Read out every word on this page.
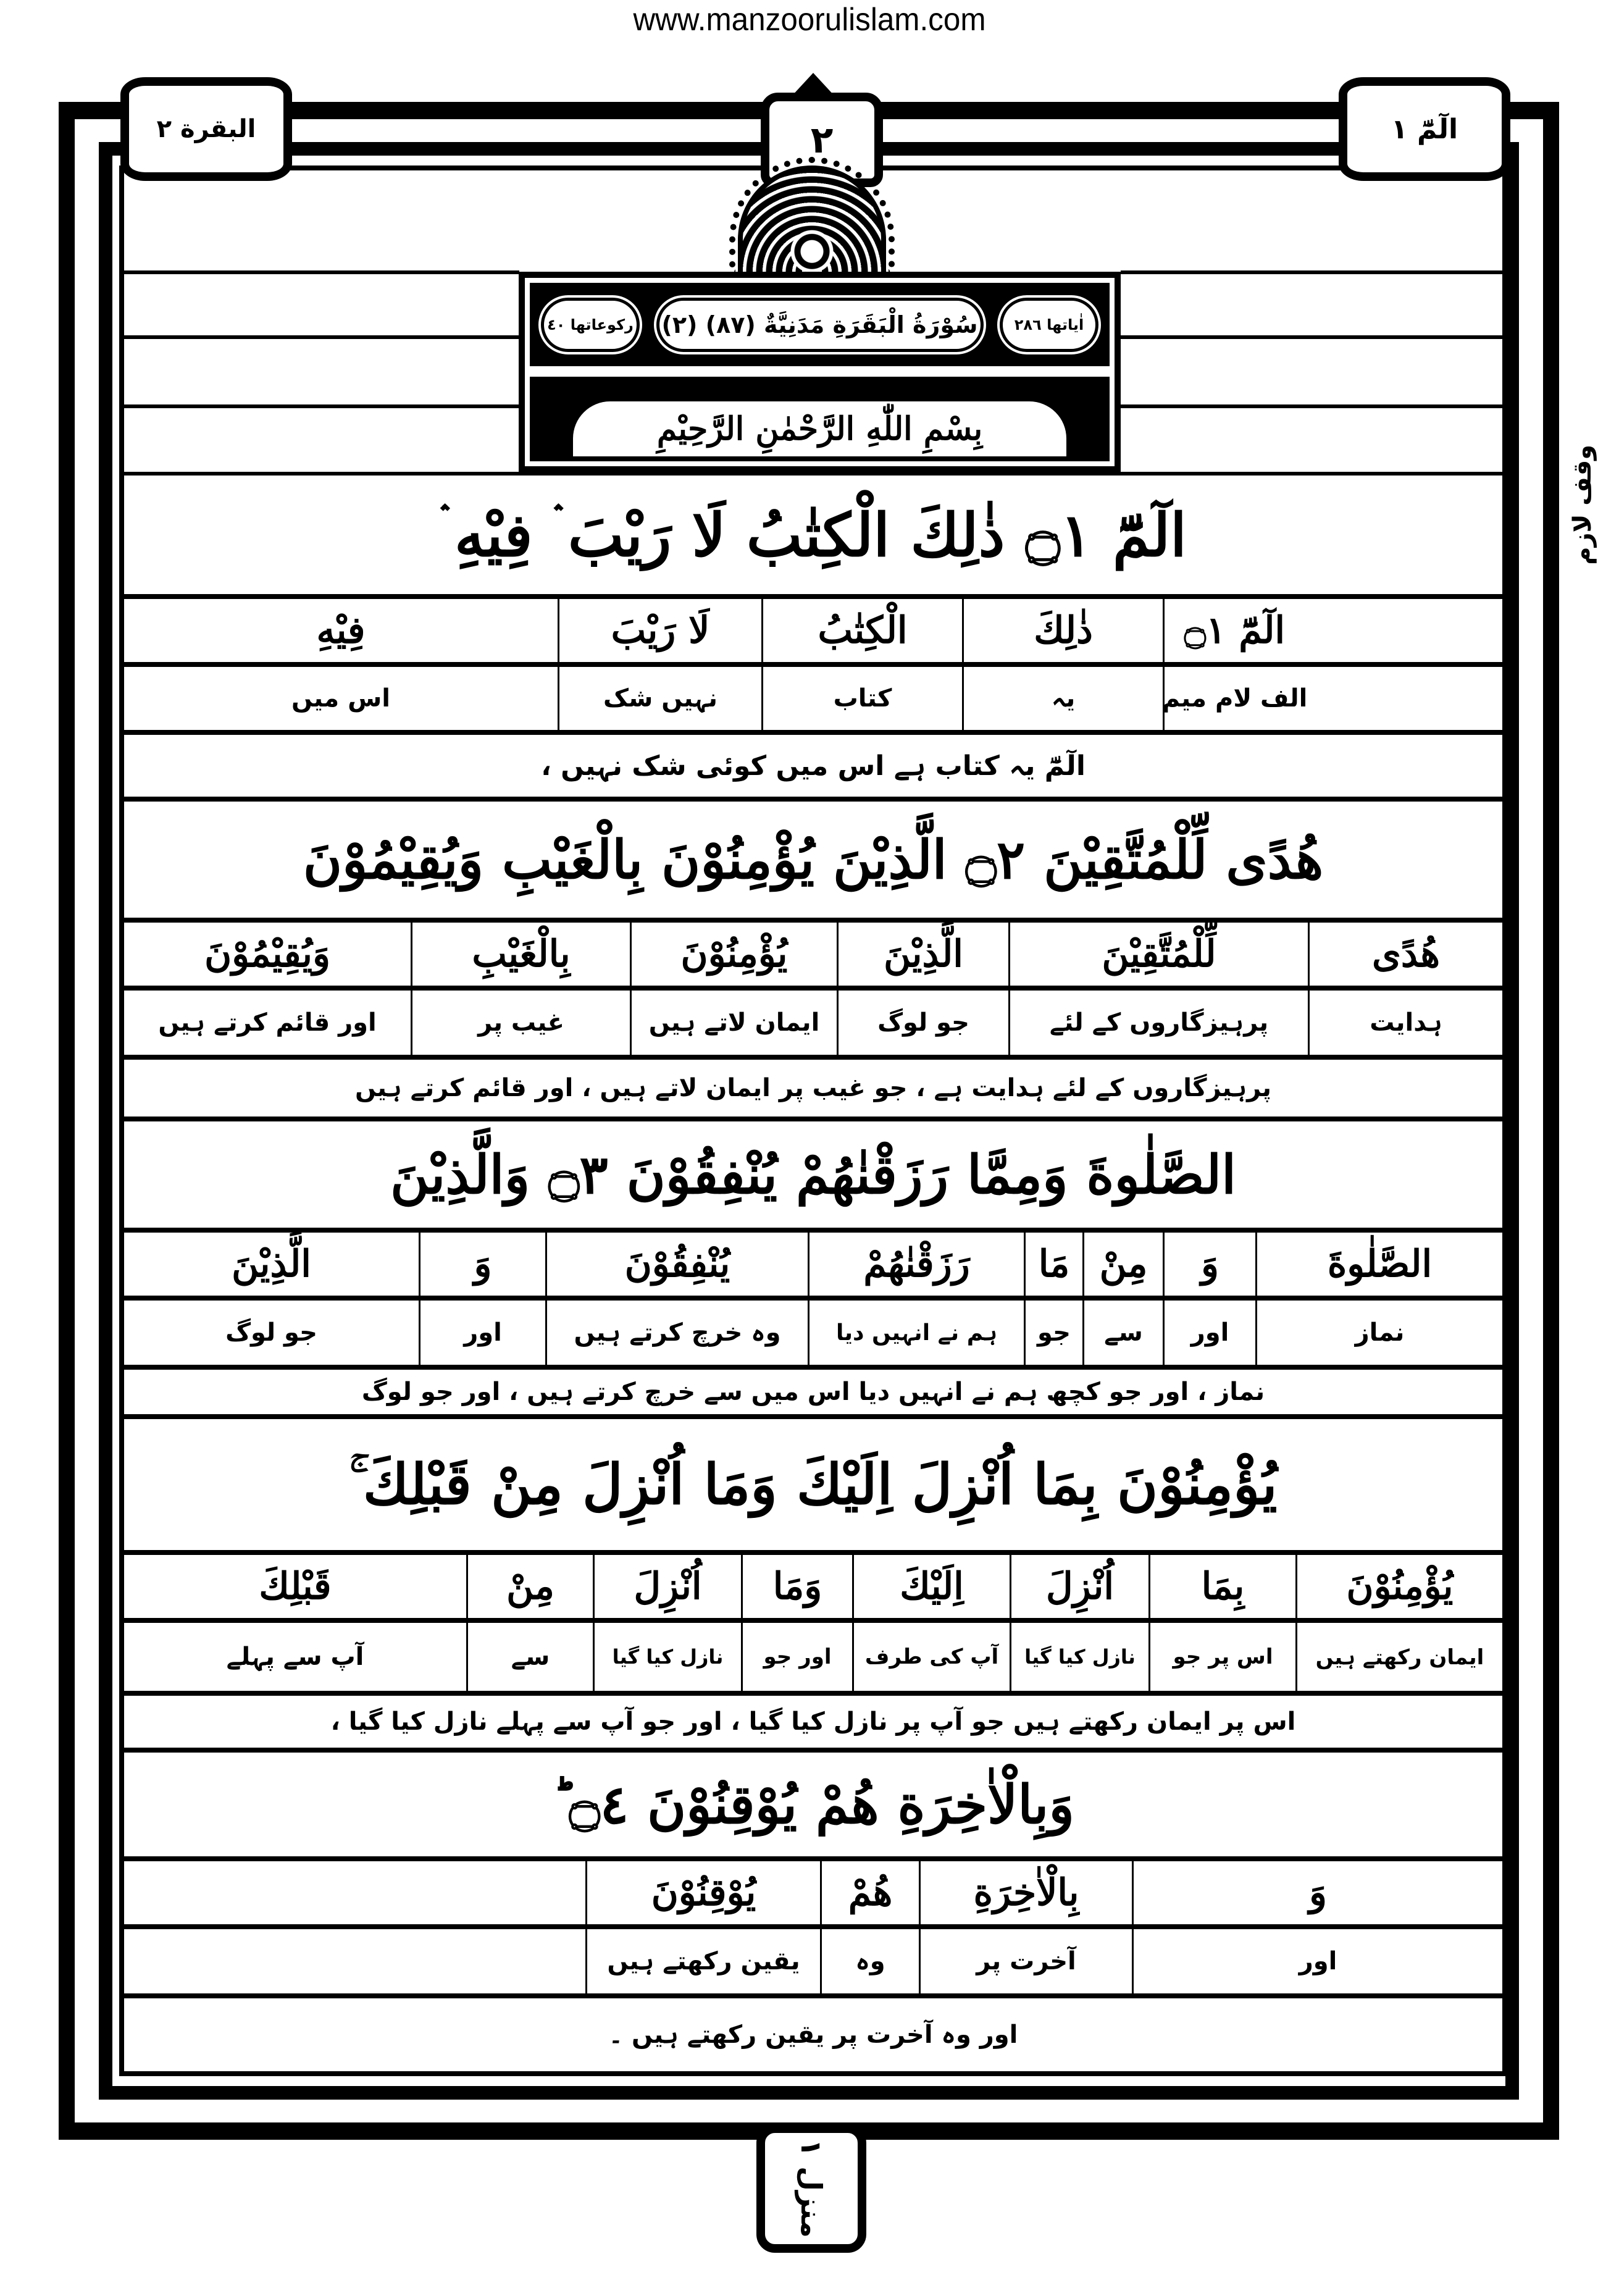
www.manzoorulislam.com
البقرة ٢	الٓمّٓ ١
٢
وقف لازم
رکوعاتها ٤٠ (٢) سُوْرَةُ الْبَقَرَةِ مَدَنِيَّةٌ (٨٧) اٰیاتها ٢٨٦
بِسْمِ اللّٰهِ الرَّحْمٰنِ الرَّحِيْمِ
الٓمّٓ ۝١ ذٰلِكَ الْكِتٰبُ لَا رَيْبَ ۛ فِيْهِ ۛ
الٓمّٓ ۝١
ذٰلِكَ
الْكِتٰبُ
لَا رَيْبَ
فِيْهِ
الف لام میم
یہ
کتاب
نہیں شک
اس میں
الٓمّٓ یہ کتاب ہے اس میں کوئی شک نہیں ،
هُدًى لِّلْمُتَّقِيْنَ ۝٢ الَّذِيْنَ يُؤْمِنُوْنَ بِالْغَيْبِ وَيُقِيْمُوْنَ
هُدًى
لِّلْمُتَّقِيْنَ
الَّذِيْنَ
يُؤْمِنُوْنَ
بِالْغَيْبِ
وَيُقِيْمُوْنَ
ہدایت
پرہیزگاروں کے لئے
جو لوگ
ایمان لاتے ہیں
غیب پر
اور قائم کرتے ہیں
پرہیزگاروں کے لئے ہدایت ہے ، جو غیب پر ایمان لاتے ہیں ، اور قائم کرتے ہیں
الصَّلٰوةَ وَمِمَّا رَزَقْنٰهُمْ يُنْفِقُوْنَ ۝٣ وَالَّذِيْنَ
الصَّلٰوةَ
وَ
مِنْ
مَا
رَزَقْنٰهُمْ
يُنْفِقُوْنَ
وَ
الَّذِيْنَ
نماز
اور
سے
جو
ہم نے انہیں دیا
وہ خرچ کرتے ہیں
اور
جو لوگ
نماز ، اور جو کچھ ہم نے انہیں دیا اس میں سے خرچ کرتے ہیں ، اور جو لوگ
يُؤْمِنُوْنَ بِمَا اُنْزِلَ اِلَيْكَ وَمَا اُنْزِلَ مِنْ قَبْلِكَ ۚ
يُؤْمِنُوْنَ
بِمَا
اُنْزِلَ
اِلَيْكَ
وَمَا
اُنْزِلَ
مِنْ
قَبْلِكَ
ایمان رکھتے ہیں
اس پر جو
نازل کیا گیا
آپ کی طرف
اور جو
نازل کیا گیا
سے
آپ سے پہلے
اس پر ایمان رکھتے ہیں جو آپ پر نازل کیا گیا ، اور جو آپ سے پہلے نازل کیا گیا ،
وَبِالْاٰخِرَةِ هُمْ يُوْقِنُوْنَ ۝٤ ؕ
وَ
بِالْاٰخِرَةِ
هُمْ
يُوْقِنُوْنَ
اور
آخرت پر
وہ
یقین رکھتے ہیں
اور وہ آخرت پر یقین رکھتے ہیں ۔
منزل ١
